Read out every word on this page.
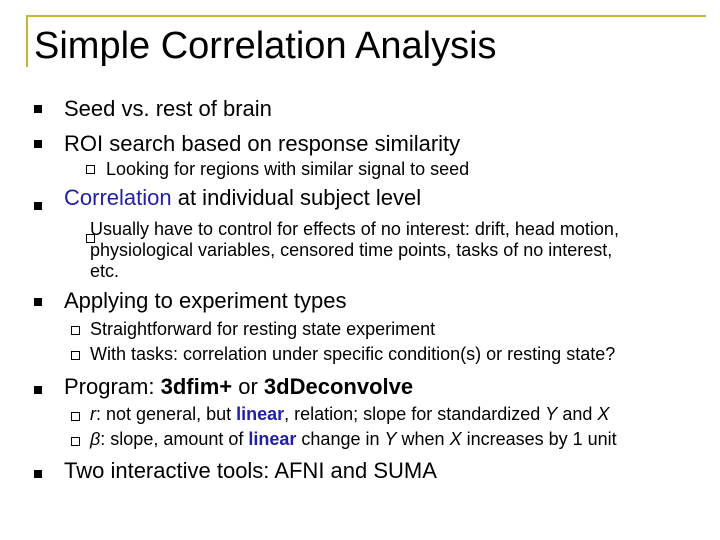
Simple Correlation Analysis
Seed vs. rest of brain
ROI search based on response similarity
Looking for regions with similar signal to seed
Correlation at individual subject level
Usually have to control for effects of no interest: drift, head motion,
physiological variables, censored time points, tasks of no interest,
etc.
Applying to experiment types
Straightforward for resting state experiment
With tasks: correlation under specific condition(s) or resting state?
Program: 3dfim+ or 3dDeconvolve
r: not general, but linear, relation; slope for standardized Y and X
β: slope, amount of linear change in Y when X increases by 1 unit
Two interactive tools: AFNI and SUMA
